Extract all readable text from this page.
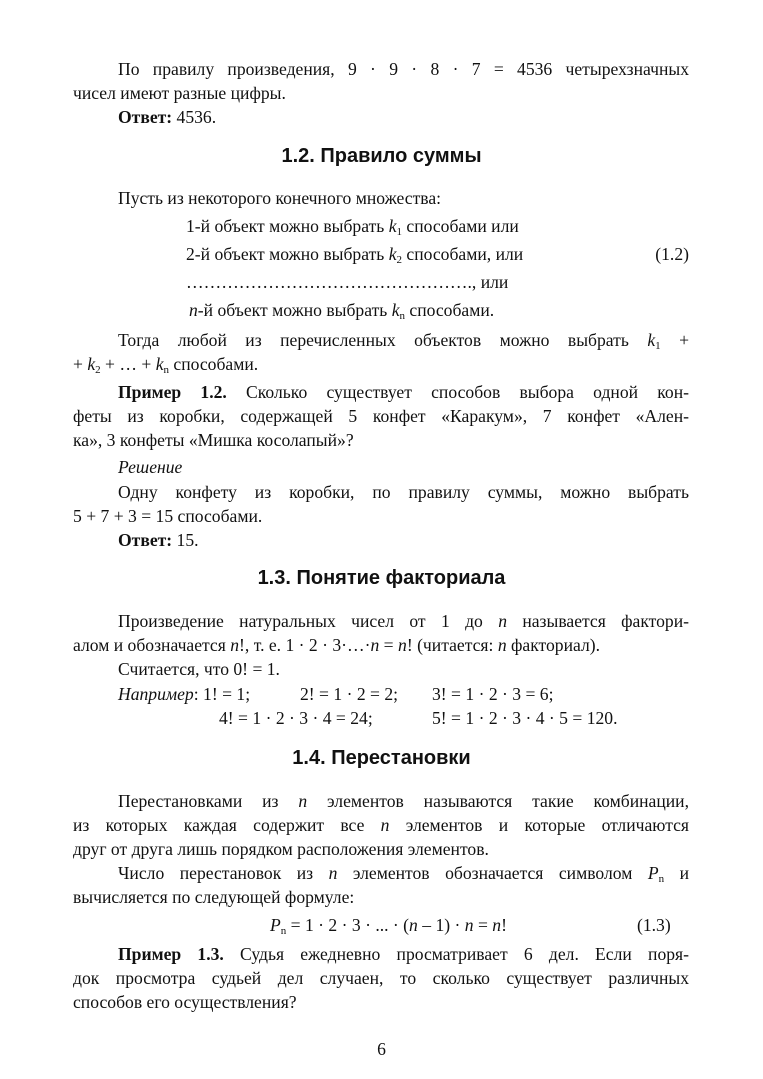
По правилу произведения, 9 · 9 · 8 · 7 = 4536 четырехзначных
чисел имеют разные цифры.
Ответ: 4536.
1.2. Правило суммы
Пусть из некоторого конечного множества:
1-й объект можно выбрать $k_1$ способами или
2-й объект можно выбрать $k_2$ способами, или	(1.2)
…………………………………………., или
n-й объект можно выбрать $k_n$ способами.
Тогда любой из перечисленных объектов можно выбрать $k_1$ +
+ $k_2$ + … + $k_n$ способами.
Пример 1.2. Сколько существует способов выбора одной кон-
феты из коробки, содержащей 5 конфет «Каракум», 7 конфет «Ален-
ка», 3 конфеты «Мишка косолапый»?
Решение
Одну конфету из коробки, по правилу суммы, можно выбрать
5 + 7 + 3 = 15 способами.
Ответ: 15.
1.3. Понятие факториала
Произведение натуральных чисел от 1 до n называется фактори-
алом и обозначается n!, т. е. 1 · 2 · 3·…·n = n! (читается: n факториал).
Считается, что 0! = 1.
Например: 1! = 1;	2! = 1 · 2 = 2; 3! = 1 · 2 · 3 = 6;
4! = 1 · 2 · 3 · 4 = 24;	5! = 1 · 2 · 3 · 4 · 5 = 120.
1.4. Перестановки
Перестановками из n элементов называются такие комбинации,
из которых каждая содержит все n элементов и которые отличаются
друг от друга лишь порядком расположения элементов.
Число перестановок из n элементов обозначается символом $P_n$ и
вычисляется по следующей формуле:
$P_n = 1 \cdot 2 \cdot 3$ · ... · (n – 1) · n = n!	(1.3)
Пример 1.3. Судья ежедневно просматривает 6 дел. Если поря-
док просмотра судьей дел случаен, то сколько существует различных
способов его осуществления?
6
